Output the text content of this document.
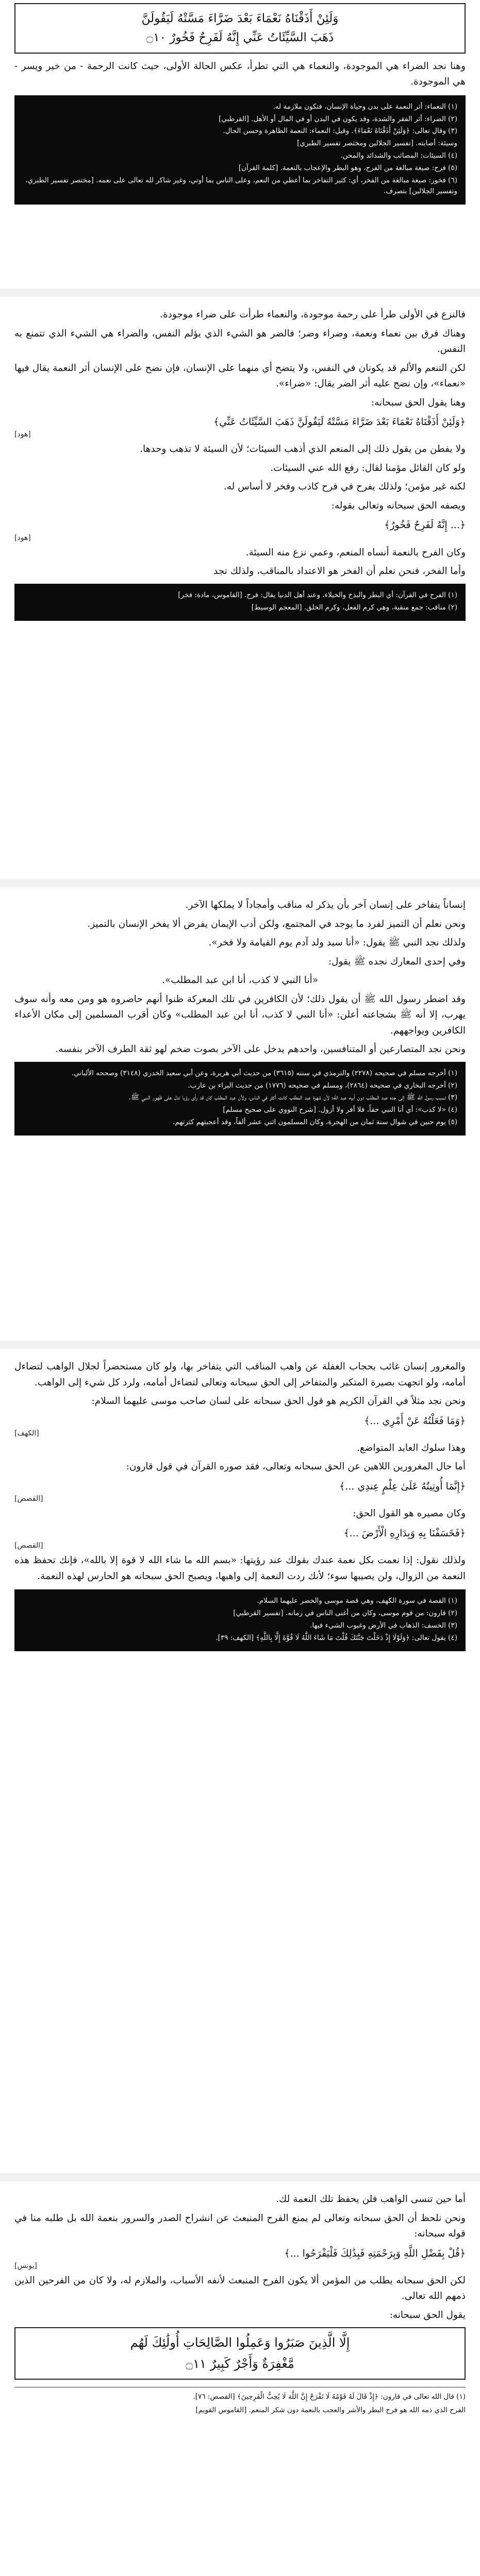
وَلَئِنْ أَذَقْنَاهُ نَعْمَاءَ بَعْدَ ضَرَّاءَ مَسَّتْهُ لَيَقُولَنَّ
ذَهَبَ السَّيِّئَاتُ عَنِّي إِنَّهُ لَفَرِحٌ فَخُورٌ ۝١٠

وهنا نجد الضراء هي الموجودة، والنعماء هي التي تطرأ، عكس الحالة الأولى، حيث كانت الرحمة - من خير ويسر - هي الموجودة.

(١) النعماء: أثر النعمة على بدن وحياة الإنسان، فتكون ملازمة له.

(٢) الضراء: أثر الفقر والشدة، وقد يكون في البدن أو في المال أو الأهل. [القرطبي]

(٣) وقال تعالى: ﴿وَلَئِنْ أَذَقْنَاهُ نَعْمَاءَ﴾. وقيل: النعماء: النعمة الظاهرة وحسن الحال.

وسيئة: أصابته. [تفسير الجلالين ومختصر تفسير الطبري]

(٤) السيئات: المصائب والشدائد والمحن.

(٥) فرح: صيغة مبالغة من الفرح، وهو البطر والإعجاب بالنعمة. [كلمة القرآن]

(٦) فخور: صيغة مبالغة من الفخر، أي: كثير التفاخر بما أعطي من النعم، وعلى الناس بما أوتي، وغير شاكر لله تعالى على نعمه. [مختصر تفسير الطبري، وتفسير الجلالين] بتصرف.

فالنزع في الأولى طرأ على رحمة موجودة، والنعماء طرأت على ضراء موجودة.

وهناك فرق بين نعماء ونعمة، وضراء وضر؛ فالضر هو الشيء الذي يؤلم النفس، والضراء هي الشيء الذي تتمنع به النفس.

لكن التنعم والألم قد يكونان في النفس، ولا يتضح أي منهما على الإنسان، فإن نضح على الإنسان أثر النعمة يقال فيها «نعماء»، وإن نضح عليه أثر الضر يقال: «ضراء».

وهنا يقول الحق سبحانه:

﴿وَلَئِنْ أَذَقْنَاهُ نَعْمَاءَ بَعْدَ ضَرَّاءَ مَسَّتْهُ لَيَقُولَنَّ ذَهَبَ السَّيِّئَاتُ عَنِّي﴾
[هود]

ولا يفطن من يقول ذلك إلى المنعم الذي أذهب السيئات؛ لأن السيئة لا تذهب وحدها.

ولو كان القائل مؤمنا لقال: رفع الله عني السيئات.

لكنه غير مؤمن؛ ولذلك يفرح في فرح كاذب وفخر لا أساس له.

ويصفه الحق سبحانه وتعالى بقوله:

﴿... إِنَّهُ لَفَرِحٌ فَخُورٌ﴾
[هود]

وكان الفرح بالنعمة أنساه المنعم، وعمي نزع منه السيئة.

وأما الفخر، فنحن نعلم أن الفخر هو الاعتداد بالمناقب، ولذلك تجد

(١) الفرح في القرآن: أي البطر والبذخ والخيلاء، وعند أهل الدنيا يقال: فرح. [القاموس، مادة: فخر]

(٢) مناقب: جمع منقبة، وهي كرم الفعل، وكرم الخلق. [المعجم الوسيط]

إنساناً يتفاخر على إنسان آخر بأن يذكر له مناقب وأمجاداً لا يملكها الآخر.

ونحن نعلم أن التميز لفرد ما يوجد في المجتمع، ولكن أدب الإيمان يفرض ألا يفخر الإنسان بالتميز.

ولذلك نجد النبي ﷺ يقول: «أنا سيد ولد آدم يوم القيامة ولا فخر».

وفي إحدى المعارك نجده ﷺ يقول:

«أنا النبي لا كذب، أنا ابن عبد المطلب».

وقد اضطر رسول الله ﷺ أن يقول ذلك؛ لأن الكافرين في تلك المعركة ظنوا أنهم حاصروه هو ومن معه وأنه سوف يهرب، إلا أنه ﷺ بشجاعته أعلن: «أنا النبي لا كذب، أنا ابن عبد المطلب» وكان أقرب المسلمين إلى مكان الأعداء الكافرين ويواجههم.

ونحن نجد المتصارعين أو المتنافسين، واحدهم يدخل على الآخر بصوت ضخم لهو ثقة الطرف الآخر بنفسه.

(١) أخرجه مسلم في صحيحه (٢٢٧٨) والترمذي في سننه (٣٦١٥) من حديث أبي هريرة، وعن أبي سعيد الخدري (٣١٤٨) وصححه الألباني.

(٢) أخرجه البخاري في صحيحه (٢٨٦٤)، ومسلم في صحيحه (١٧٧٦) من حديث البراء بن عازب.

(٣) تسبب رسول الله ﷺ إلى جده عبد المطلب دون أبيه عبد الله؛ لأن شهرة عبد المطلب كانت أكثر في الناس، ولأن عبد المطلب كان قد رأى رؤيا تدل على ظهور النبي ﷺ.

(٤) «لا كذب»: أي أنا النبي حقاً، فلا أفر ولا أزول. [شرح النووي على صحيح مسلم]

(٥) يوم حنين في شوال سنة ثمان من الهجرة، وكان المسلمون اثني عشر ألفاً، وقد أعجبتهم كثرتهم.

والمغرور إنسان غائب بحجاب الغفلة عن واهب المناقب التي يتفاخر بها، ولو كان مستحضراً لجلال الواهب لتضاءل أمامه، ولو اتجهت بصيرة المتكبر والمتفاخر إلى الحق سبحانه وتعالى لتضاءل أمامه، ولرد كل شيء إلى الواهب.

ونحن نجد مثلاً في القرآن الكريم هو قول الحق سبحانه على لسان صاحب موسى عليهما السلام:

﴿وَمَا فَعَلْتُهُ عَنْ أَمْرِي ...﴾
[الكهف]

وهذا سلوك العابد المتواضع.

أما حال المغرورين اللاهين عن الحق سبحانه وتعالى، فقد صوره القرآن في قول قارون:

﴿إِنَّمَا أُوتِيتُهُ عَلَىٰ عِلْمٍ عِندِي ...﴾
[القصص]

وكان مصيره هو القول الحق:

﴿فَخَسَفْنَا بِهِ وَبِدَارِهِ الْأَرْضَ ...﴾
[القصص]

ولذلك نقول: إذا نعمت بكل نعمة عندك بقولك عند رؤيتها: «بسم الله ما شاء الله لا قوة إلا بالله»، فإنك تحفظ هذه النعمة من الزوال، ولن يصيبها سوء؛ لأنك ردت النعمة إلى واهبها، ويصبح الحق سبحانه هو الحارس لهذه النعمة.

(١) القصة في سورة الكهف، وهي قصة موسى والخضر عليهما السلام.

(٢) قارون: من قوم موسى، وكان من أغنى الناس في زمانه. [تفسير القرطبي]

(٣) الخسف: الذهاب في الأرض وغيوب الشيء فيها.

(٤) يقول تعالى: ﴿وَلَوْلَا إِذْ دَخَلْتَ جَنَّتَكَ قُلْتَ مَا شَاءَ اللَّهُ لَا قُوَّةَ إِلَّا بِاللَّهِ﴾ [الكهف: ٣٩].

أما حين تنسى الواهب فلن يحفظ تلك النعمة لك.

ونحن نلحظ أن الحق سبحانه وتعالى لم يمنع الفرح المنبعث عن انشراح الصدر والسرور بنعمة الله بل طلبه منا في قوله سبحانه:

﴿قُلْ بِفَضْلِ اللَّهِ وَبِرَحْمَتِهِ فَبِذَٰلِكَ فَلْيَفْرَحُوا ...﴾
[يونس]

لكن الحق سبحانه يطلب من المؤمن ألا يكون الفرح المنبعث لأنفه الأسباب، والملازم له، ولا كان من الفرحين الذين ذمهم الله تعالى.

يقول الحق سبحانه:

إِلَّا الَّذِينَ صَبَرُوا وَعَمِلُوا الصَّالِحَاتِ أُولَٰئِكَ لَهُم
مَّغْفِرَةٌ وَأَجْرٌ كَبِيرٌ ۝١١

(١) قال الله تعالى في قارون: ﴿إِذْ قَالَ لَهُ قَوْمُهُ لَا تَفْرَحْ إِنَّ اللَّهَ لَا يُحِبُّ الْفَرِحِينَ﴾ [القصص: ٧٦].

الفرح الذي ذمه الله هو فرح البطر والأشر والعجب بالنعمة دون شكر المنعم. [القاموس القويم]
